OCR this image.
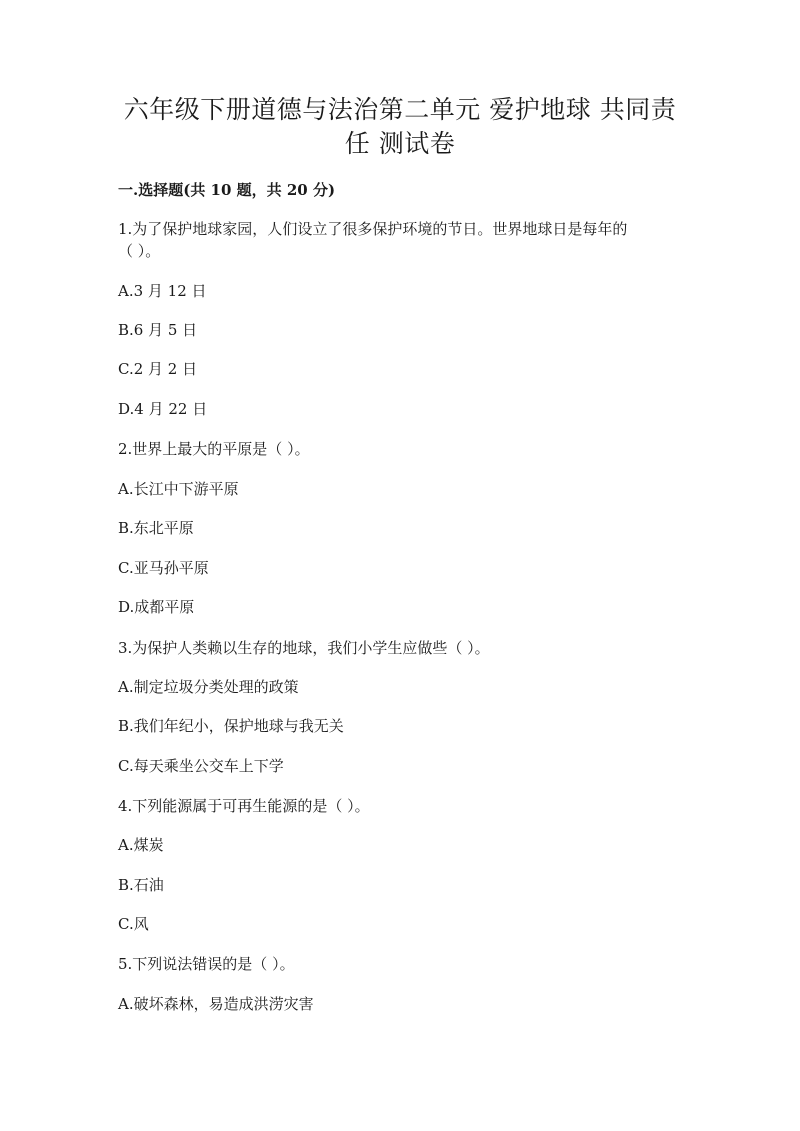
六年级下册道德与法治第二单元 爱护地球 共同责
任 测试卷
一.选择题(共 10 题，共 20 分)
1.为了保护地球家园，人们设立了很多保护环境的节日。世界地球日是每年的
（ ）。
A.3 月 12 日
B.6 月 5 日
C.2 月 2 日
D.4 月 22 日
2.世界上最大的平原是（ ）。
A.长江中下游平原
B.东北平原
C.亚马孙平原
D.成都平原
3.为保护人类赖以生存的地球，我们小学生应做些（ ）。
A.制定垃圾分类处理的政策
B.我们年纪小，保护地球与我无关
C.每天乘坐公交车上下学
4.下列能源属于可再生能源的是（ ）。
A.煤炭
B.石油
C.风
5.下列说法错误的是（ ）。
A.破坏森林，易造成洪涝灾害
